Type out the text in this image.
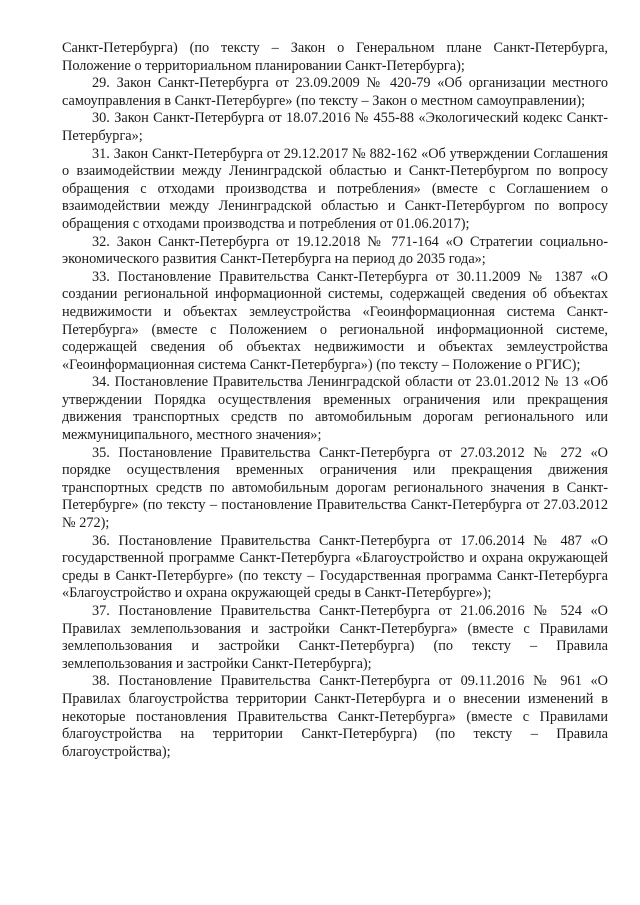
Санкт-Петербурга) (по тексту – Закон о Генеральном плане Санкт-Петербурга, Положение о территориальном планировании Санкт-Петербурга);

29. Закон Санкт-Петербурга от 23.09.2009 № 420-79 «Об организации местного самоуправления в Санкт-Петербурге» (по тексту – Закон о местном самоуправлении);

30. Закон Санкт-Петербурга от 18.07.2016 № 455-88 «Экологический кодекс Санкт-Петербурга»;

31. Закон Санкт-Петербурга от 29.12.2017 № 882-162 «Об утверждении Соглашения о взаимодействии между Ленинградской областью и Санкт-Петербургом по вопросу обращения с отходами производства и потребления» (вместе с Соглашением о взаимодействии между Ленинградской областью и Санкт-Петербургом по вопросу обращения с отходами производства и потребления от 01.06.2017);

32. Закон Санкт-Петербурга от 19.12.2018 № 771-164 «О Стратегии социально-экономического развития Санкт-Петербурга на период до 2035 года»;

33. Постановление Правительства Санкт-Петербурга от 30.11.2009 № 1387 «О создании региональной информационной системы, содержащей сведения об объектах недвижимости и объектах землеустройства «Геоинформационная система Санкт-Петербурга» (вместе с Положением о региональной информационной системе, содержащей сведения об объектах недвижимости и объектах землеустройства «Геоинформационная система Санкт-Петербурга») (по тексту – Положение о РГИС);

34. Постановление Правительства Ленинградской области от 23.01.2012 № 13 «Об утверждении Порядка осуществления временных ограничения или прекращения движения транспортных средств по автомобильным дорогам регионального или межмуниципального, местного значения»;

35. Постановление Правительства Санкт-Петербурга от 27.03.2012 № 272 «О порядке осуществления временных ограничения или прекращения движения транспортных средств по автомобильным дорогам регионального значения в Санкт-Петербурге» (по тексту – постановление Правительства Санкт-Петербурга от 27.03.2012 № 272);

36. Постановление Правительства Санкт-Петербурга от 17.06.2014 № 487 «О государственной программе Санкт-Петербурга «Благоустройство и охрана окружающей среды в Санкт-Петербурге» (по тексту – Государственная программа Санкт-Петербурга «Благоустройство и охрана окружающей среды в Санкт-Петербурге»);

37. Постановление Правительства Санкт-Петербурга от 21.06.2016 № 524 «О Правилах землепользования и застройки Санкт-Петербурга» (вместе с Правилами землепользования и застройки Санкт-Петербурга) (по тексту – Правила землепользования и застройки Санкт-Петербурга);

38. Постановление Правительства Санкт-Петербурга от 09.11.2016 № 961 «О Правилах благоустройства территории Санкт-Петербурга и о внесении изменений в некоторые постановления Правительства Санкт-Петербурга» (вместе с Правилами благоустройства на территории Санкт-Петербурга) (по тексту – Правила благоустройства);
